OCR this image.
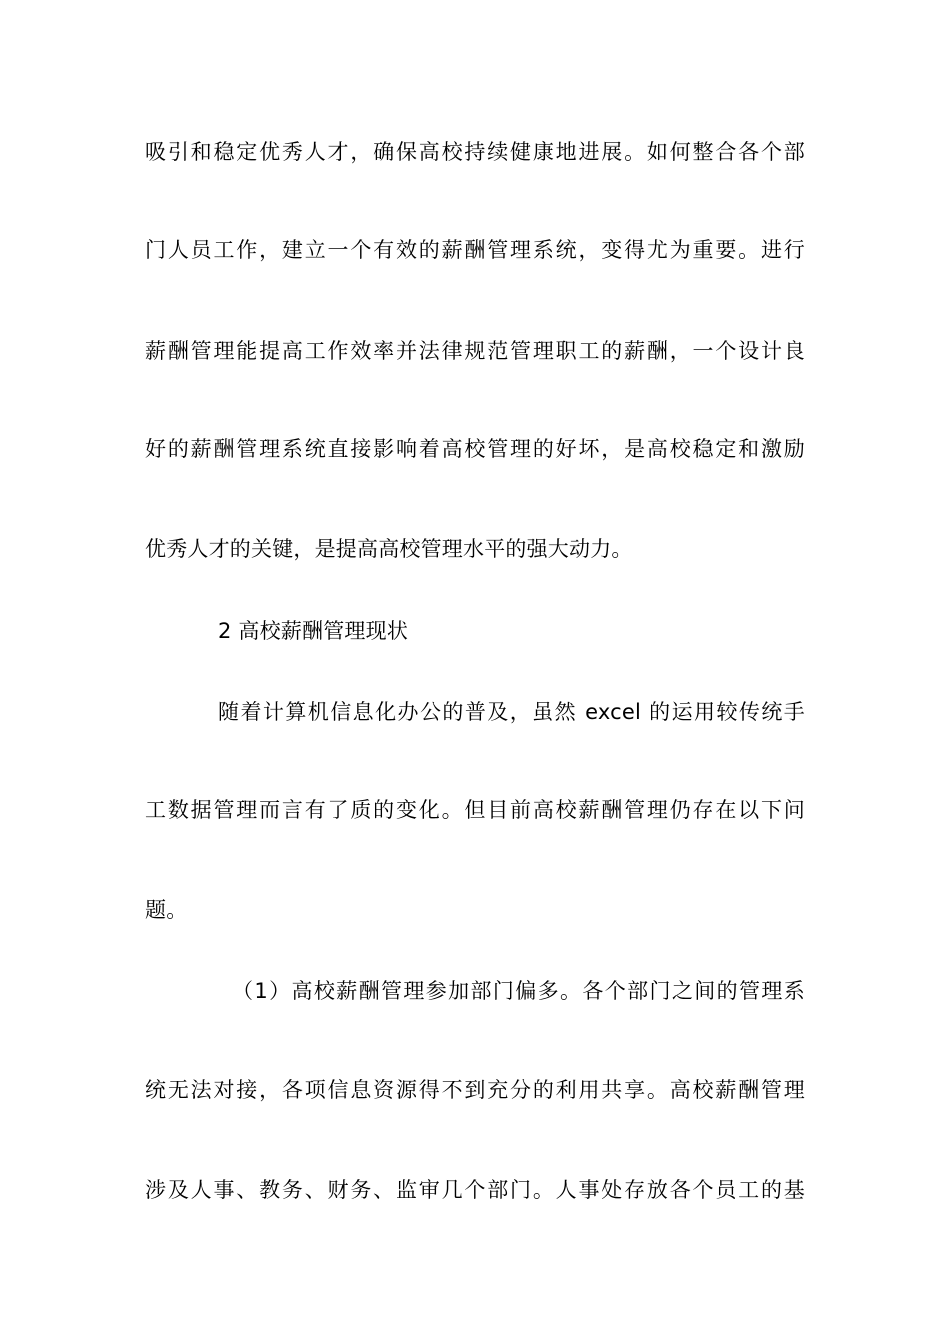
吸引和稳定优秀人才，确保高校持续健康地进展。如何整合各个部
门人员工作，建立一个有效的薪酬管理系统，变得尤为重要。进行
薪酬管理能提高工作效率并法律规范管理职工的薪酬，一个设计良
好的薪酬管理系统直接影响着高校管理的好坏，是高校稳定和激励
优秀人才的关键，是提高高校管理水平的强大动力。
2 高校薪酬管理现状
随着计算机信息化办公的普及，虽然 excel 的运用较传统手
工数据管理而言有了质的变化。但目前高校薪酬管理仍存在以下问
题。
（1）高校薪酬管理参加部门偏多。各个部门之间的管理系
统无法对接，各项信息资源得不到充分的利用共享。高校薪酬管理
涉及人事、教务、财务、监审几个部门。人事处存放各个员工的基
